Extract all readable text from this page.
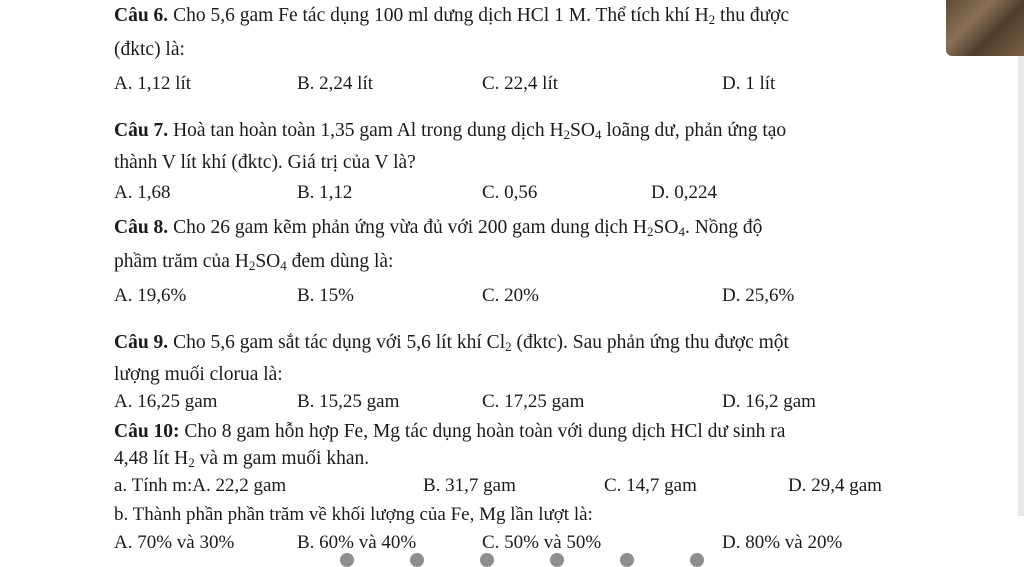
Câu 6. Cho 5,6 gam Fe tác dụng 100 ml dưng dịch HCl 1 M. Thể tích khí $H_2$ thu được
(đktc) là:
A. 1,12 lít	B. 2,24 lít	C. 22,4 lít	D. 1 lít
Câu 7. Hoà tan hoàn toàn 1,35 gam Al trong dung dịch $H_2SO_4$ loãng dư, phản ứng tạo
thành V lít khí (đktc). Giá trị của V là?
A. 1,68	B. 1,12	C. 0,56	D. 0,224
Câu 8. Cho 26 gam kẽm phản ứng vừa đủ với 200 gam dung dịch $H_2SO_4$. Nồng độ
phầm trăm của $H_2SO_4$ đem dùng là:
A. 19,6%	B. 15%	C. 20%	D. 25,6%
Câu 9. Cho 5,6 gam sắt tác dụng với 5,6 lít khí $Cl_2$ (đktc). Sau phản ứng thu được một
lượng muối clorua là:
A. 16,25 gam	B. 15,25 gam	C. 17,25 gam	D. 16,2 gam
Câu 10: Cho 8 gam hỗn hợp Fe, Mg tác dụng hoàn toàn với dung dịch HCl dư sinh ra
4,48 lít $H_2$ và m gam muối khan.
a. Tính m:A. 22,2 gam	B. 31,7 gam	C. 14,7 gam	D. 29,4 gam
b. Thành phần phần trăm về khối lượng của Fe, Mg lần lượt là:
A. 70% và 30%	B. 60% và 40%	C. 50% và 50%	D. 80% và 20%
